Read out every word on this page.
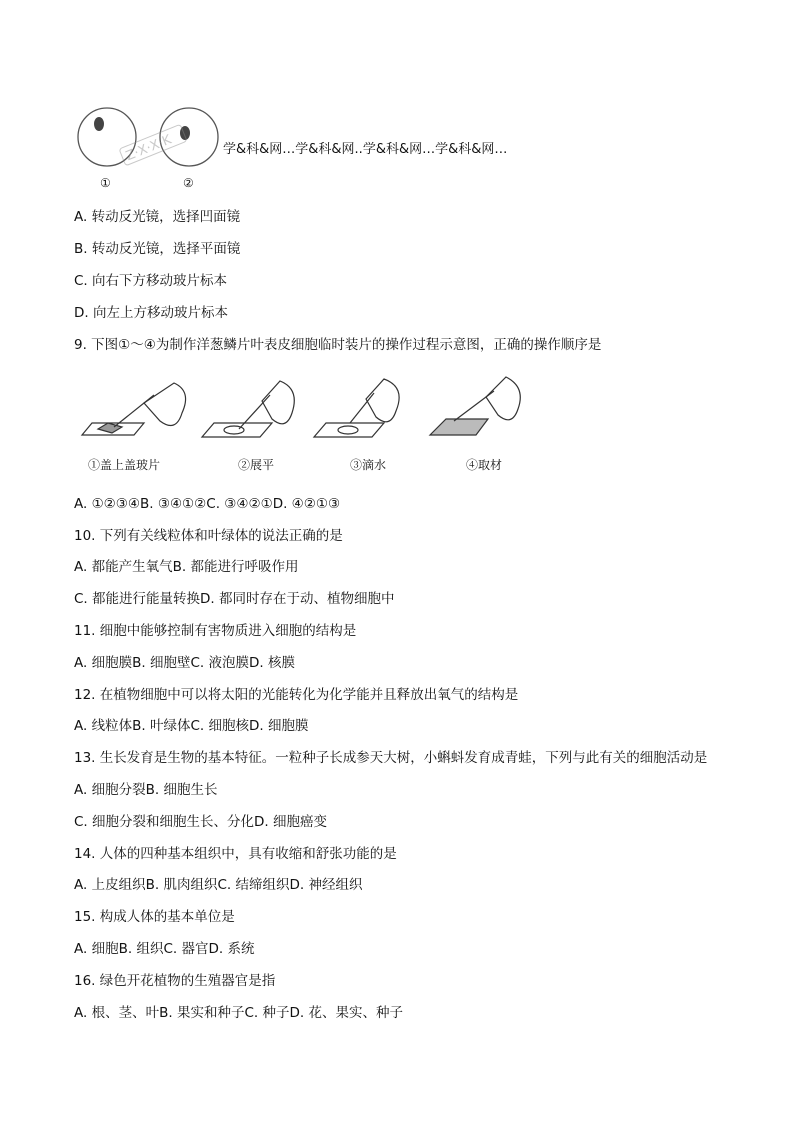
Z·X·X·K
①	②
学&科&网…学&科&网..学&科&网…学&科&网…
A. 转动反光镜，选择凹面镜
B. 转动反光镜，选择平面镜
C. 向右下方移动玻片标本
D. 向左上方移动玻片标本
9. 下图①～④为制作洋葱鳞片叶表皮细胞临时装片的操作过程示意图，正确的操作顺序是
①盖上盖玻片	②展平	③滴水	④取材
A. ①②③④B. ③④①②C. ③④②①D. ④②①③
10. 下列有关线粒体和叶绿体的说法正确的是
A. 都能产生氧气B. 都能进行呼吸作用
C. 都能进行能量转换D. 都同时存在于动、植物细胞中
11. 细胞中能够控制有害物质进入细胞的结构是
A. 细胞膜B. 细胞壁C. 液泡膜D. 核膜
12. 在植物细胞中可以将太阳的光能转化为化学能并且释放出氧气的结构是
A. 线粒体B. 叶绿体C. 细胞核D. 细胞膜
13. 生长发育是生物的基本特征。一粒种子长成参天大树，小蝌蚪发育成青蛙，下列与此有关的细胞活动是
A. 细胞分裂B. 细胞生长
C. 细胞分裂和细胞生长、分化D. 细胞癌变
14. 人体的四种基本组织中，具有收缩和舒张功能的是
A. 上皮组织B. 肌肉组织C. 结缔组织D. 神经组织
15. 构成人体的基本单位是
A. 细胞B. 组织C. 器官D. 系统
16. 绿色开花植物的生殖器官是指
A. 根、茎、叶B. 果实和种子C. 种子D. 花、果实、种子
